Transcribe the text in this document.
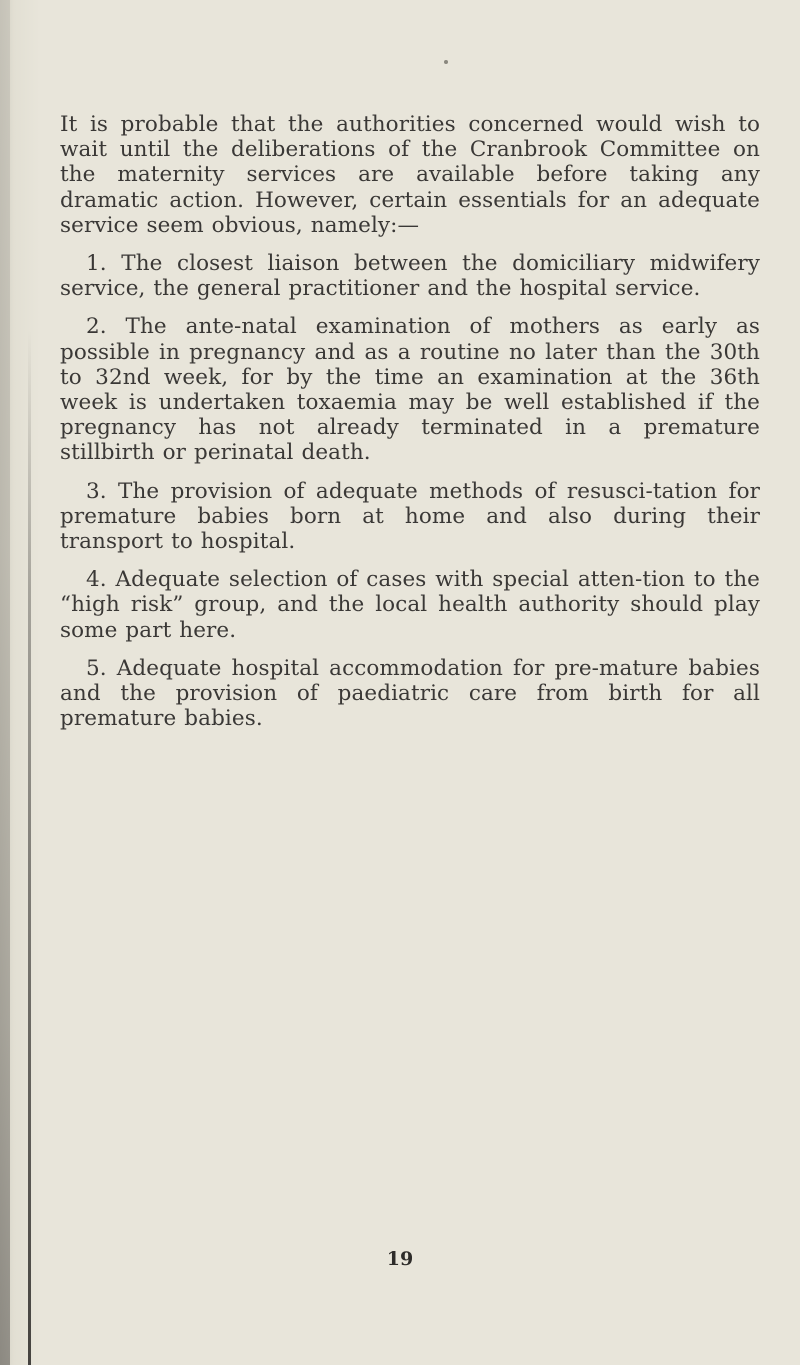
It is probable that the authorities concerned would wish to wait until the deliberations of the Cranbrook Committee on the maternity services are available before taking any dramatic action. However, certain essentials for an adequate service seem obvious, namely:—

1. The closest liaison between the domiciliary midwifery service, the general practitioner and the hospital service.

2. The ante-natal examination of mothers as early as possible in pregnancy and as a routine no later than the 30th to 32nd week, for by the time an examination at the 36th week is undertaken toxaemia may be well established if the pregnancy has not already terminated in a premature stillbirth or perinatal death.

3. The provision of adequate methods of resusci-tation for premature babies born at home and also during their transport to hospital.

4. Adequate selection of cases with special atten-tion to the “high risk” group, and the local health authority should play some part here.

5. Adequate hospital accommodation for pre-mature babies and the provision of paediatric care from birth for all premature babies.

19
